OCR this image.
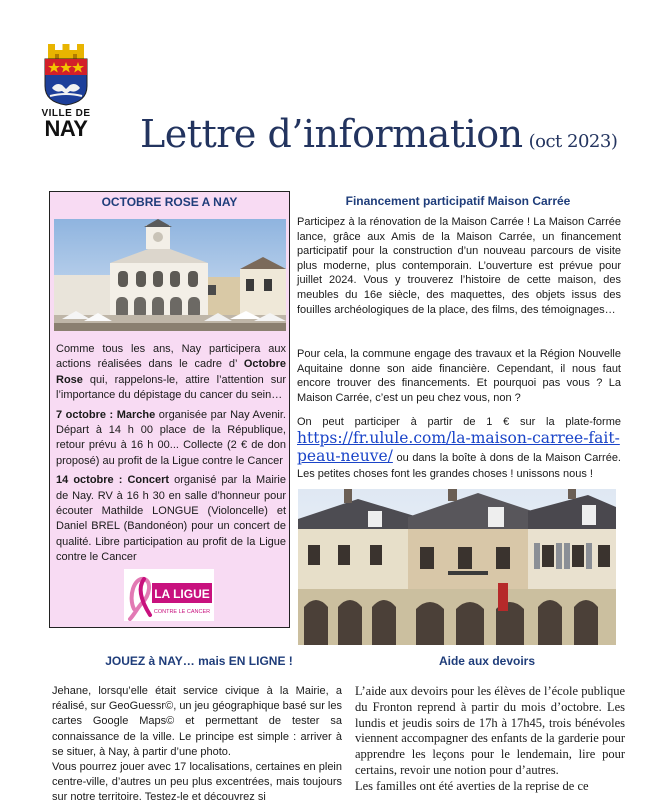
VILLE DE
NAY Lettre d’information (oct 2023)
OCTOBRE ROSE A NAY

Comme tous les ans, Nay participera aux actions réalisées dans le cadre d’ Octobre Rose qui, rappelons-le, attire l’attention sur l’importance du dépistage du cancer du sein…

7 octobre : Marche organisée par Nay Avenir. Départ à 14 h 00 place de la République, retour prévu à 16 h 00... Collecte (2 € de don proposé) au profit de la Ligue contre le Cancer

14 octobre : Concert organisé par la Mairie de Nay. RV à 16 h 30 en salle d’honneur pour écouter Mathilde LONGUE (Violoncelle) et Daniel BREL (Bandonéon) pour un concert de qualité. Libre participation au profit de la Ligue contre le Cancer

LA LIGUE
CONTRE LE CANCER
Financement participatif Maison Carrée

Participez à la rénovation de la Maison Carrée ! La Maison Carrée lance, grâce aux Amis de la Maison Carrée, un financement participatif pour la construction d’un nouveau parcours de visite plus moderne, plus contemporain. L’ouverture est prévue pour juillet 2024. Vous y trouverez l’histoire de cette maison, des meubles du 16e siècle, des maquettes, des objets issus des fouilles archéologiques de la place, des films, des témoignages…

Pour cela, la commune engage des travaux et la Région Nouvelle Aquitaine donne son aide financière. Cependant, il nous faut encore trouver des financements. Et pourquoi pas vous ? La Maison Carrée, c’est un peu chez vous, non ?

On peut participer à partir de 1 € sur la plate-forme https://fr.ulule.com/la-maison-carree-fait-peau-neuve/ ou dans la boîte à dons de la Maison Carrée. Les petites choses font les grandes choses ! unissons nous !

JOUEZ à NAY… mais EN LIGNE !

Jehane, lorsqu’elle était service civique à la Mairie, a réalisé, sur GeoGuessr©, un jeu géographique basé sur les cartes Google Maps© et permettant de tester sa connaissance de la ville. Le principe est simple : arriver à se situer, à Nay, à partir d’une photo.

Vous pourrez jouer avec 17 localisations, certaines en plein centre-ville, d’autres un peu plus excentrées, mais toujours sur notre territoire. Testez-le et découvrez si

Aide aux devoirs

L’aide aux devoirs pour les élèves de l’école publique du Fronton reprend à partir du mois d’octobre. Les lundis et jeudis soirs de 17h à 17h45, trois bénévoles viennent accompagner des enfants de la garderie pour apprendre les leçons pour le lendemain, lire pour certains, revoir une notion pour d’autres.

Les familles ont été averties de la reprise de ce
